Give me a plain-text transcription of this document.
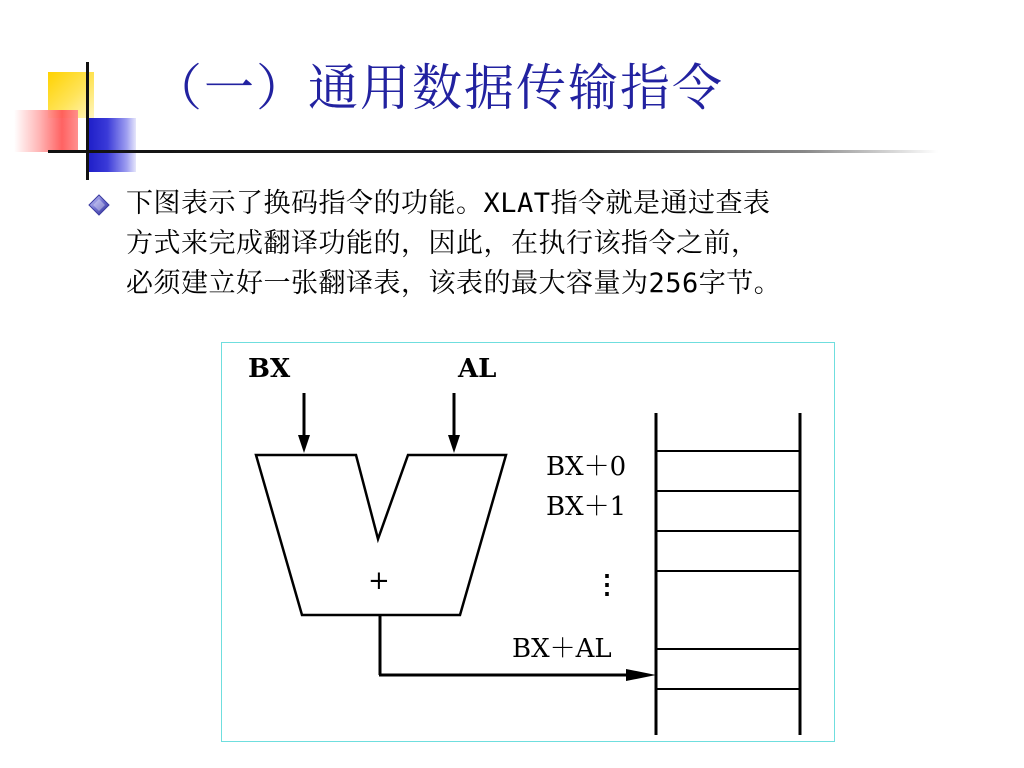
（一）通用数据传输指令

下图表示了换码指令的功能。XLAT指令就是通过查表
方式来完成翻译功能的，因此，在执行该指令之前，
必须建立好一张翻译表，该表的最大容量为256字节。

BX	AL
+
BX＋0
BX＋1
⋮
BX＋AL
